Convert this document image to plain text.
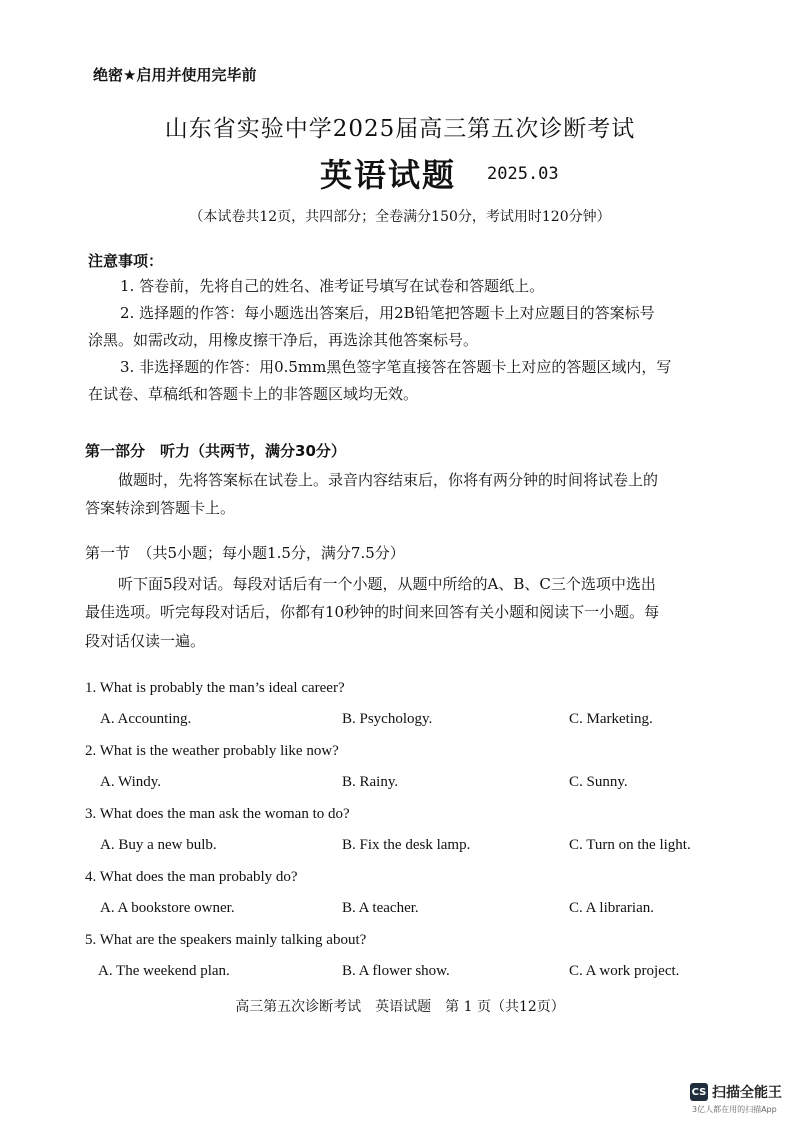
绝密★启用并使用完毕前
山东省实验中学2025届高三第五次诊断考试
英语试题 2025.03
（本试卷共12页，共四部分；全卷满分150分，考试用时120分钟）
注意事项：
1. 答卷前，先将自己的姓名、准考证号填写在试卷和答题纸上。
2. 选择题的作答：每小题选出答案后，用2B铅笔把答题卡上对应题目的答案标号
涂黑。如需改动，用橡皮擦干净后，再选涂其他答案标号。
3. 非选择题的作答：用0.5mm黑色签字笔直接答在答题卡上对应的答题区域内，写
在试卷、草稿纸和答题卡上的非答题区域均无效。
第一部分　听力（共两节，满分30分）
做题时，先将答案标在试卷上。录音内容结束后，你将有两分钟的时间将试卷上的
答案转涂到答题卡上。
第一节　（共5小题；每小题1.5分，满分7.5分）
听下面5段对话。每段对话后有一个小题，从题中所给的A、B、C三个选项中选出
最佳选项。听完每段对话后，你都有10秒钟的时间来回答有关小题和阅读下一小题。每
段对话仅读一遍。
1. What is probably the man’s ideal career?
A. Accounting.	B. Psychology.	C. Marketing.
2. What is the weather probably like now?
A. Windy.	B. Rainy.	C. Sunny.
3. What does the man ask the woman to do?
A. Buy a new bulb.	B. Fix the desk lamp.	C. Turn on the light.
4. What does the man probably do?
A. A bookstore owner.	B. A teacher.	C. A librarian.
5. What are the speakers mainly talking about?
A. The weekend plan.	B. A flower show.	C. A work project.
高三第五次诊断考试　英语试题　第 1 页（共12页）
CS 扫描全能王
3亿人都在用的扫描App
